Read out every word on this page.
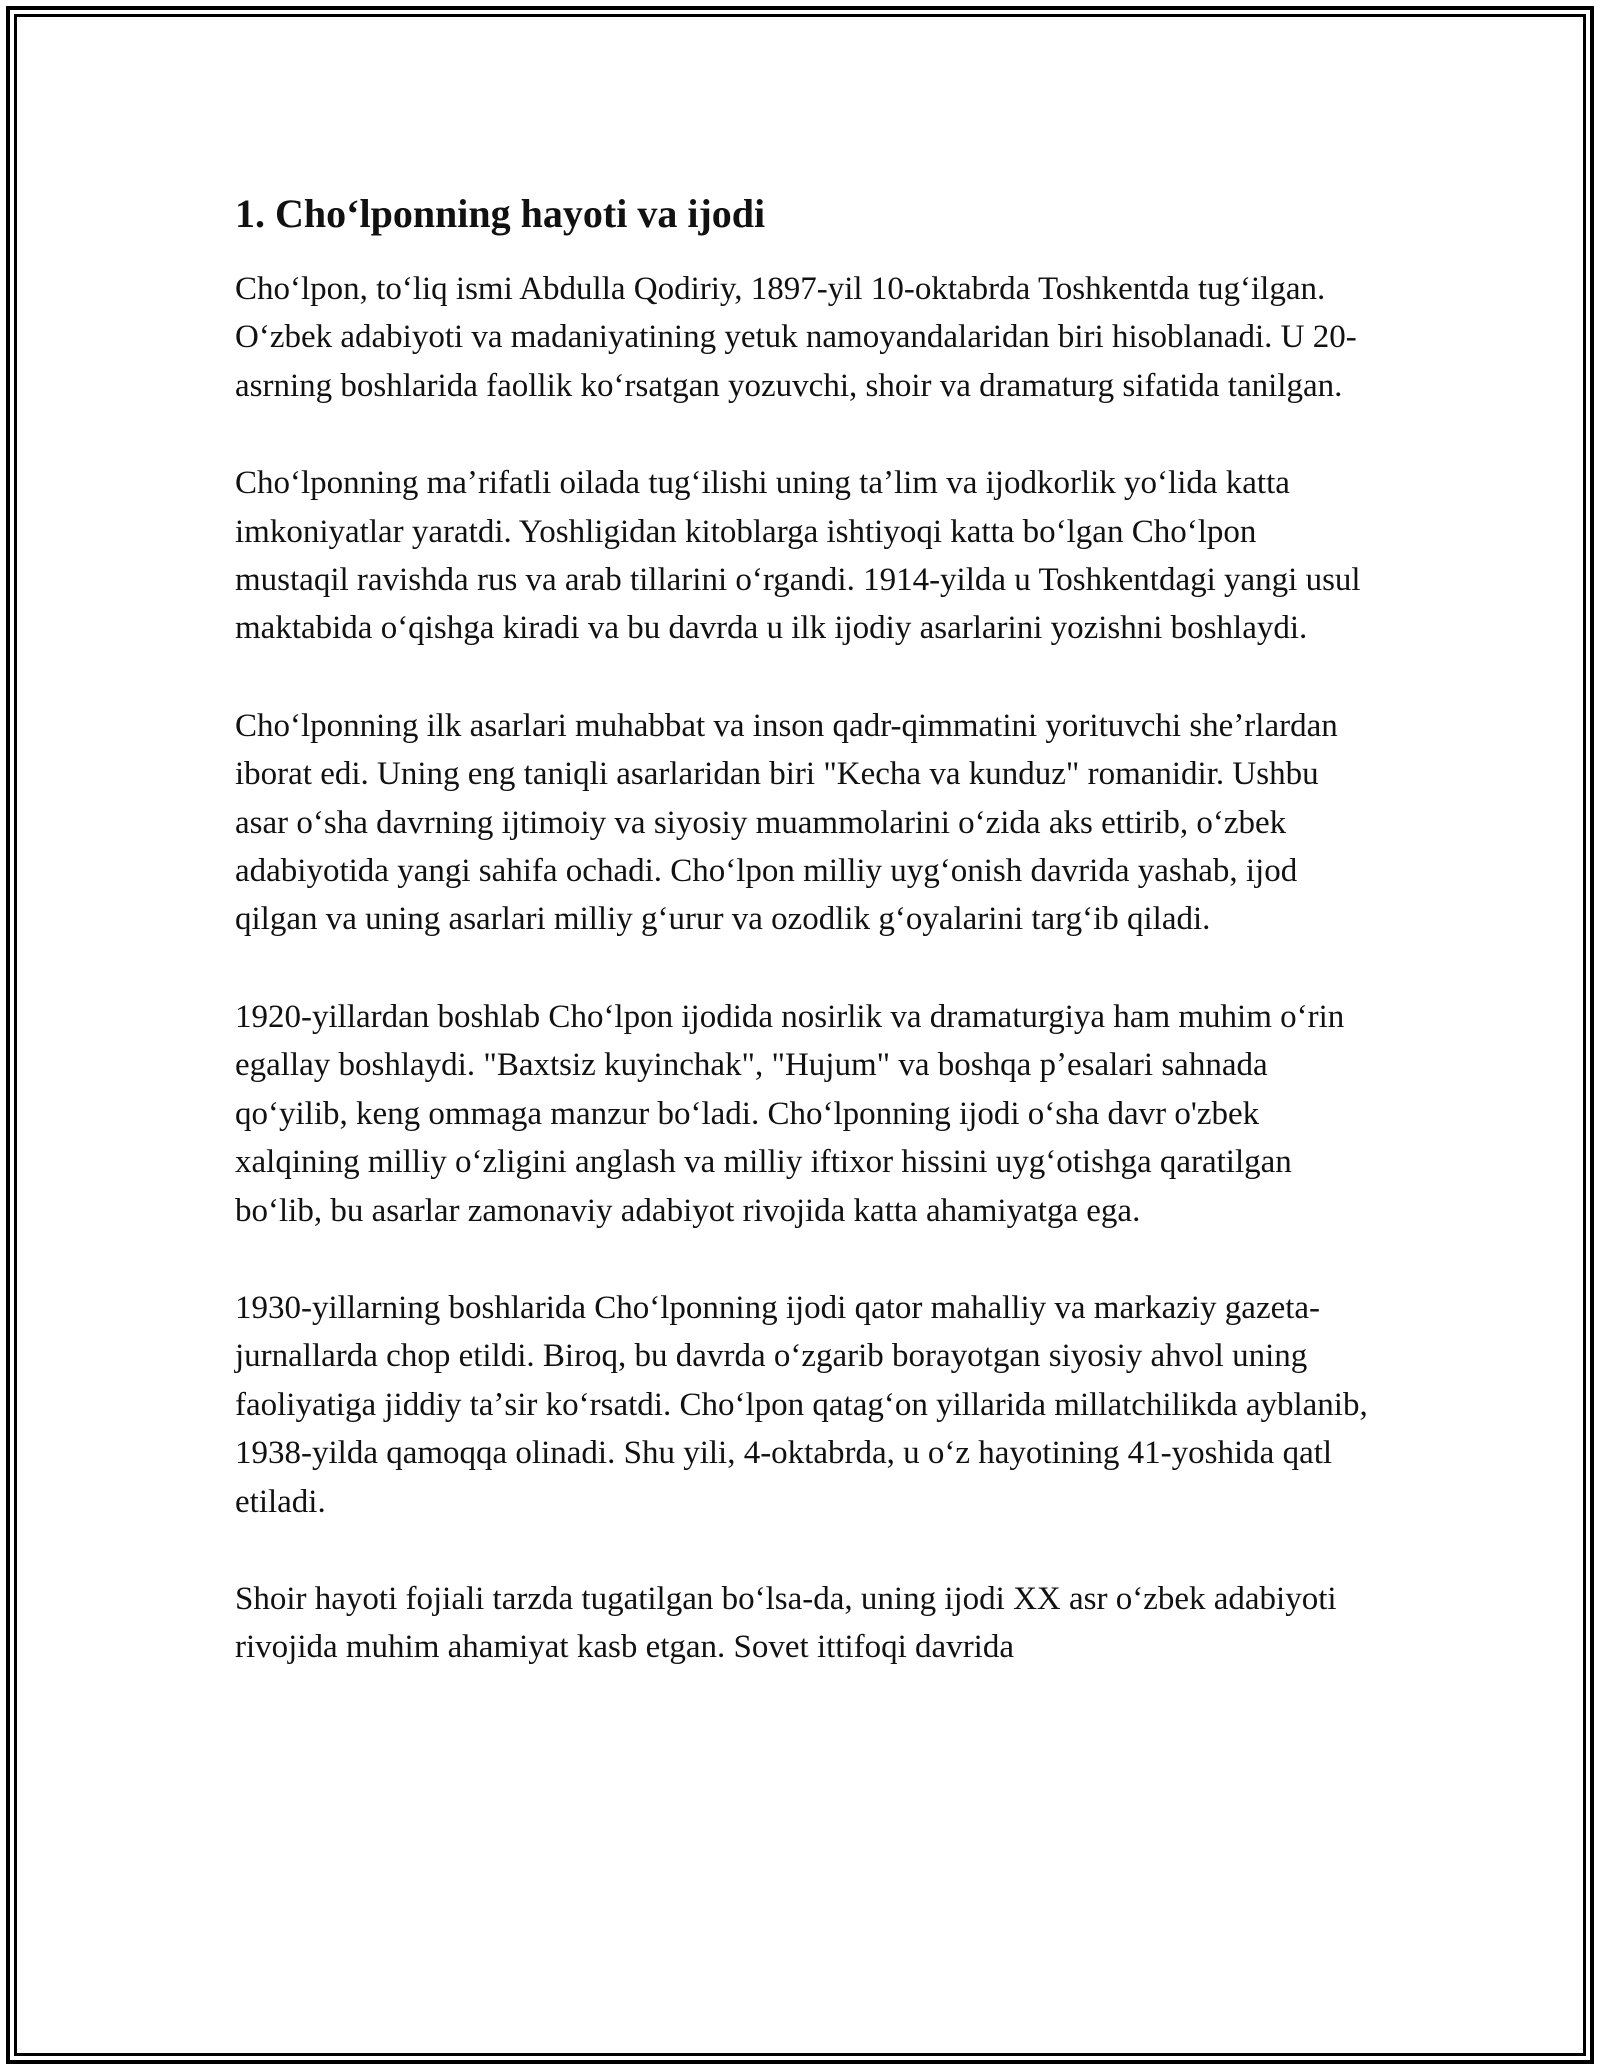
1. Choʻlponning hayoti va ijodi

Choʻlpon, toʻliq ismi Abdulla Qodiriy, 1897-yil 10-oktabrda Toshkentda tugʻilgan. Oʻzbek adabiyoti va madaniyatining yetuk namoyandalaridan biri hisoblanadi. U 20-asrning boshlarida faollik koʻrsatgan yozuvchi, shoir va dramaturg sifatida tanilgan.

Choʻlponning maʼrifatli oilada tugʻilishi uning taʼlim va ijodkorlik yoʻlida katta imkoniyatlar yaratdi. Yoshligidan kitoblarga ishtiyoqi katta boʻlgan Choʻlpon mustaqil ravishda rus va arab tillarini oʻrgandi. 1914-yilda u Toshkentdagi yangi usul maktabida oʻqishga kiradi va bu davrda u ilk ijodiy asarlarini yozishni boshlaydi.

Choʻlponning ilk asarlari muhabbat va inson qadr-qimmatini yorituvchi sheʼrlardan iborat edi. Uning eng taniqli asarlaridan biri "Kecha va kunduz" romanidir. Ushbu asar oʻsha davrning ijtimoiy va siyosiy muammolarini oʻzida aks ettirib, oʻzbek adabiyotida yangi sahifa ochadi. Choʻlpon milliy uygʻonish davrida yashab, ijod qilgan va uning asarlari milliy gʻurur va ozodlik gʻoyalarini targʻib qiladi.

1920-yillardan boshlab Choʻlpon ijodida nosirlik va dramaturgiya ham muhim oʻrin egallay boshlaydi. "Baxtsiz kuyinchak", "Hujum" va boshqa pʼesalari sahnada qoʻyilib, keng ommaga manzur boʻladi. Choʻlponning ijodi oʻsha davr o'zbek xalqining milliy oʻzligini anglash va milliy iftixor hissini uygʻotishga qaratilgan boʻlib, bu asarlar zamonaviy adabiyot rivojida katta ahamiyatga ega.

1930-yillarning boshlarida Choʻlponning ijodi qator mahalliy va markaziy gazeta-jurnallarda chop etildi. Biroq, bu davrda oʻzgarib borayotgan siyosiy ahvol uning faoliyatiga jiddiy taʼsir koʻrsatdi. Choʻlpon qatagʻon yillarida millatchilikda ayblanib, 1938-yilda qamoqqa olinadi. Shu yili, 4-oktabrda, u oʻz hayotining 41-yoshida qatl etiladi.

Shoir hayoti fojiali tarzda tugatilgan boʻlsa-da, uning ijodi XX asr oʻzbek adabiyoti rivojida muhim ahamiyat kasb etgan. Sovet ittifoqi davrida
